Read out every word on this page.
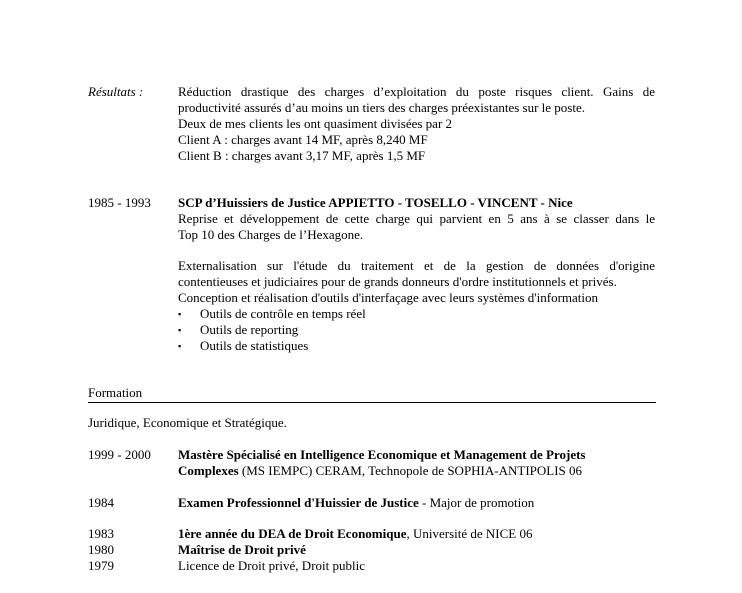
Résultats :	Réduction drastique des charges d’exploitation du poste risques client. Gains de
productivité assurés d’au moins un tiers des charges préexistantes sur le poste.
Deux de mes clients les ont quasiment divisées par 2
Client A : charges avant 14 MF, après 8,240 MF
Client B : charges avant 3,17 MF, après 1,5 MF
1985 - 1993 SCP d’Huissiers de Justice APPIETTO - TOSELLO - VINCENT - Nice
Reprise et développement de cette charge qui parvient en 5 ans à se classer dans le
Top 10 des Charges de l’Hexagone.
Externalisation sur l'étude du traitement et de la gestion de données d'origine
contentieuses et judiciaires pour de grands donneurs d'ordre institutionnels et privés.
Conception et réalisation d'outils d'interfaçage avec leurs systèmes d'information
▪ Outils de contrôle en temps réel
▪ Outils de reporting
▪ Outils de statistiques
Formation
Juridique, Economique et Stratégique.
1999 - 2000 Mastère Spécialisé en Intelligence Economique et Management de Projets
Complexes (MS IEMPC) CERAM, Technopole de SOPHIA-ANTIPOLIS 06
1984	Examen Professionnel d'Huissier de Justice - Major de promotion
1983	1ère année du DEA de Droit Economique, Université de NICE 06
1980	Maîtrise de Droit privé
1979	Licence de Droit privé, Droit public
